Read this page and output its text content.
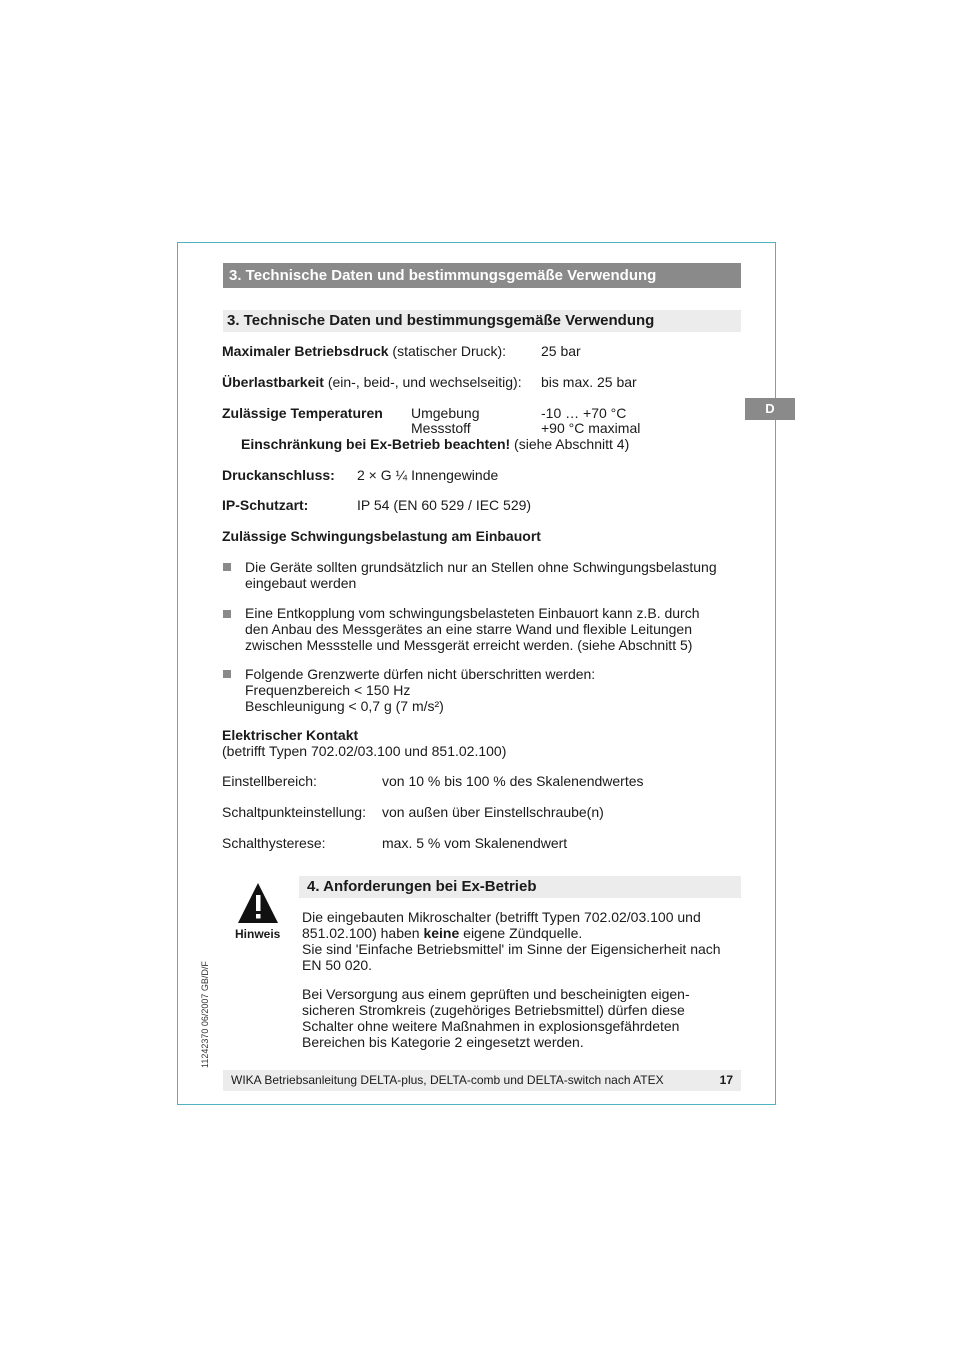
3. Technische Daten und bestimmungsgemäße Verwendung
3. Technische Daten und bestimmungsgemäße Verwendung
D
Maximaler Betriebsdruck (statischer Druck):	25 bar
Überlastbarkeit (ein-, beid-, und wechselseitig): bis max. 25 bar
Zulässige Temperaturen Umgebung	-10 … +70 °C
Messstoff	+90 °C maximal
Einschränkung bei Ex-Betrieb beachten! (siehe Abschnitt 4)
Druckanschluss: 2 × G ¼ Innengewinde
IP-Schutzart:	IP 54 (EN 60 529 / IEC 529)
Zulässige Schwingungsbelastung am Einbauort
Die Geräte sollten grundsätzlich nur an Stellen ohne Schwingungsbelastung
eingebaut werden
Eine Entkopplung vom schwingungsbelasteten Einbauort kann z.B. durch
den Anbau des Messgerätes an eine starre Wand und flexible Leitungen
zwischen Messstelle und Messgerät erreicht werden. (siehe Abschnitt 5)
Folgende Grenzwerte dürfen nicht überschritten werden:
Frequenzbereich < 150 Hz
Beschleunigung < 0,7 g (7 m/s²)
Elektrischer Kontakt
(betrifft Typen 702.02/03.100 und 851.02.100)
Einstellbereich:	von 10 % bis 100 % des Skalenendwertes
Schaltpunkteinstellung: von außen über Einstellschraube(n)
Schalthysterese:	max. 5 % vom Skalenendwert
4. Anforderungen bei Ex-Betrieb
Hinweis
Die eingebauten Mikroschalter (betrifft Typen 702.02/03.100 und
851.02.100) haben keine eigene Zündquelle.
Sie sind 'Einfache Betriebsmittel' im Sinne der Eigensicherheit nach
EN 50 020.
Bei Versorgung aus einem geprüften und bescheinigten eigen-
sicheren Stromkreis (zugehöriges Betriebsmittel) dürfen diese
Schalter ohne weitere Maßnahmen in explosionsgefährdeten
Bereichen bis Kategorie 2 eingesetzt werden.
WIKA Betriebsanleitung DELTA-plus, DELTA-comb und DELTA-switch nach ATEX	17
11242370 06/2007 GB/D/F
